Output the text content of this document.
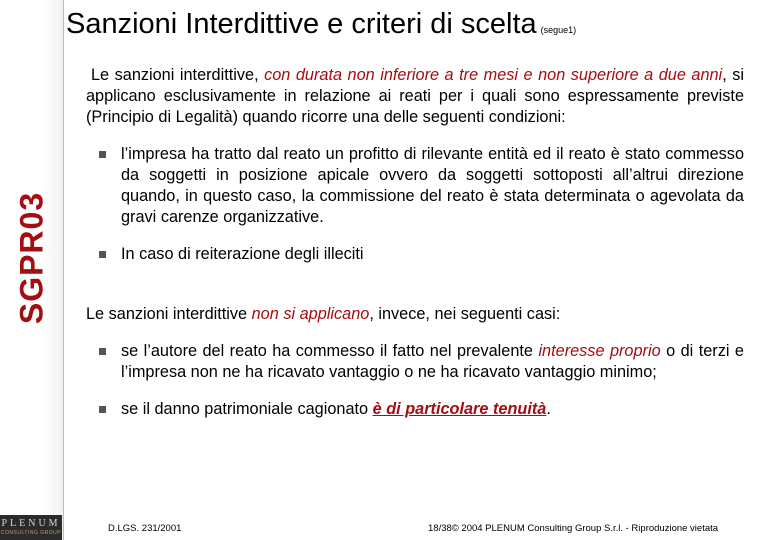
SGPR03
PLENUM
CONSULTING GROUP
Sanzioni Interdittive e criteri di scelta (segue1)

Le sanzioni interdittive, con durata non inferiore a tre mesi e non superiore a due anni, si applicano esclusivamente in relazione ai reati per i quali sono espressamente previste (Principio di Legalità) quando ricorre una delle seguenti condizioni:

l’impresa ha tratto dal reato un profitto di rilevante entità ed il reato è stato commesso da soggetti in posizione apicale ovvero da soggetti sottoposti all’altrui direzione quando, in questo caso, la commissione del reato è stata determinata o agevolata da gravi carenze organizzative.

In caso di reiterazione degli illeciti

Le sanzioni interdittive non si applicano, invece, nei seguenti casi:

se l’autore del reato ha commesso il fatto nel prevalente interesse proprio o di terzi e l’impresa non ne ha ricavato vantaggio o ne ha ricavato vantaggio minimo;

se il danno patrimoniale cagionato è di particolare tenuità.

D.LGS. 231/2001	18/38© 2004 PLENUM Consulting Group S.r.l. - Riproduzione vietata
